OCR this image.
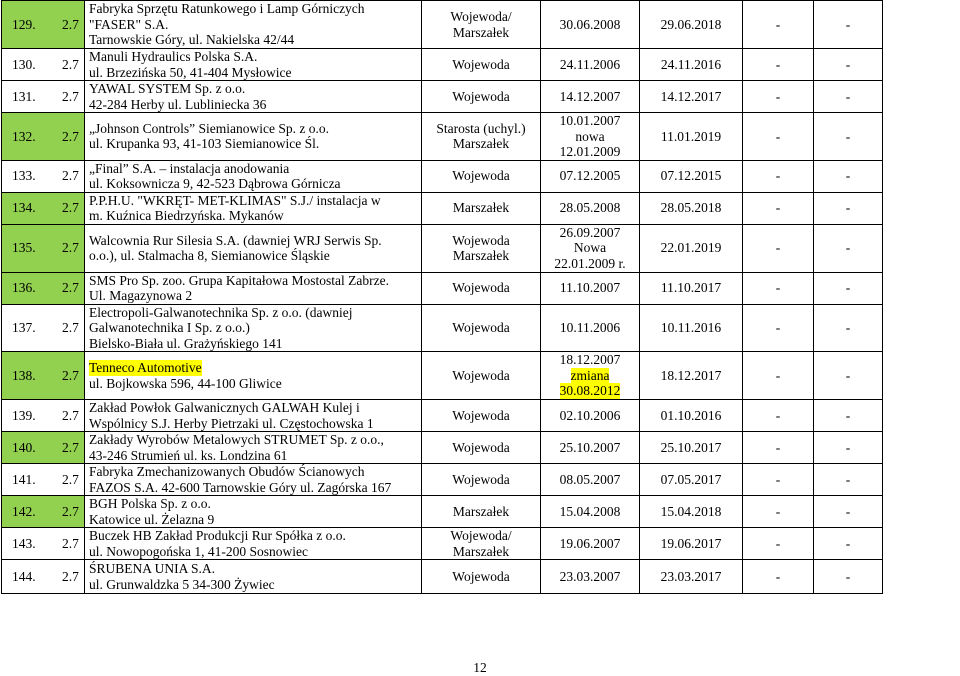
129. 2.7	Fabryka Sprzętu Ratunkowego i Lamp Górniczych
"FASER" S.A.
Tarnowskie Góry, ul. Nakielska 42/44	Wojewoda/
Marszałek	30.06.2008	29.06.2018	-	-
130. 2.7	Manuli Hydraulics Polska S.A.
ul. Brzezińska 50, 41-404 Mysłowice	Wojewoda	24.11.2006	24.11.2016	-	-
131. 2.7	YAWAL SYSTEM Sp. z o.o.
42-284 Herby ul. Lubliniecka 36	Wojewoda	14.12.2007	14.12.2017	-	-
132. 2.7	„Johnson Controls” Siemianowice Sp. z o.o.
ul. Krupanka 93, 41-103 Siemianowice Śl.	Starosta (uchyl.)
Marszałek	10.01.2007
nowa
12.01.2009	11.01.2019	-	-
133. 2.7	„Final” S.A. – instalacja anodowania
ul. Koksownicza 9, 42-523 Dąbrowa Górnicza	Wojewoda	07.12.2005	07.12.2015	-	-
134. 2.7	P.P.H.U. "WKRĘT- MET-KLIMAS" S.J./ instalacja w
m. Kuźnica Biedrzyńska. Mykanów	Marszałek	28.05.2008	28.05.2018	-	-
135. 2.7	Walcownia Rur Silesia S.A. (dawniej WRJ Serwis Sp.
o.o.), ul. Stalmacha 8, Siemianowice Śląskie	Wojewoda
Marszałek	26.09.2007
Nowa
22.01.2009 r.	22.01.2019	-	-
136. 2.7	SMS Pro Sp. zoo. Grupa Kapitałowa Mostostal Zabrze.
Ul. Magazynowa 2	Wojewoda	11.10.2007	11.10.2017	-	-
137. 2.7	Electropoli-Galwanotechnika Sp. z o.o. (dawniej
Galwanotechnika I Sp. z o.o.)
Bielsko-Biała ul. Grażyńskiego 141	Wojewoda	10.11.2006	10.11.2016	-	-
138. 2.7	Tenneco Automotive

ul. Bojkowska 596, 44-100 Gliwice	Wojewoda	18.12.2007
zmiana
30.08.2012	18.12.2017	-	-
139. 2.7	Zakład Powłok Galwanicznych GALWAH Kulej i
Wspólnicy S.J. Herby Pietrzaki ul. Częstochowska 1	Wojewoda	02.10.2006	01.10.2016	-	-
140. 2.7	Zakłady Wyrobów Metalowych STRUMET Sp. z o.o.,
43-246 Strumień ul. ks. Londzina 61	Wojewoda	25.10.2007	25.10.2017	-	-
141. 2.7	Fabryka Zmechanizowanych Obudów Ścianowych
FAZOS S.A. 42-600 Tarnowskie Góry ul. Zagórska 167	Wojewoda	08.05.2007	07.05.2017	-	-
142. 2.7	BGH Polska Sp. z o.o.
Katowice ul. Żelazna 9	Marszałek	15.04.2008	15.04.2018	-	-
143. 2.7	Buczek HB Zakład Produkcji Rur Spółka z o.o.
ul. Nowopogońska 1, 41-200 Sosnowiec	Wojewoda/
Marszałek	19.06.2007	19.06.2017	-	-
144. 2.7	ŚRUBENA UNIA S.A.
ul. Grunwaldzka 5 34-300 Żywiec	Wojewoda	23.03.2007	23.03.2017	-	-
12
